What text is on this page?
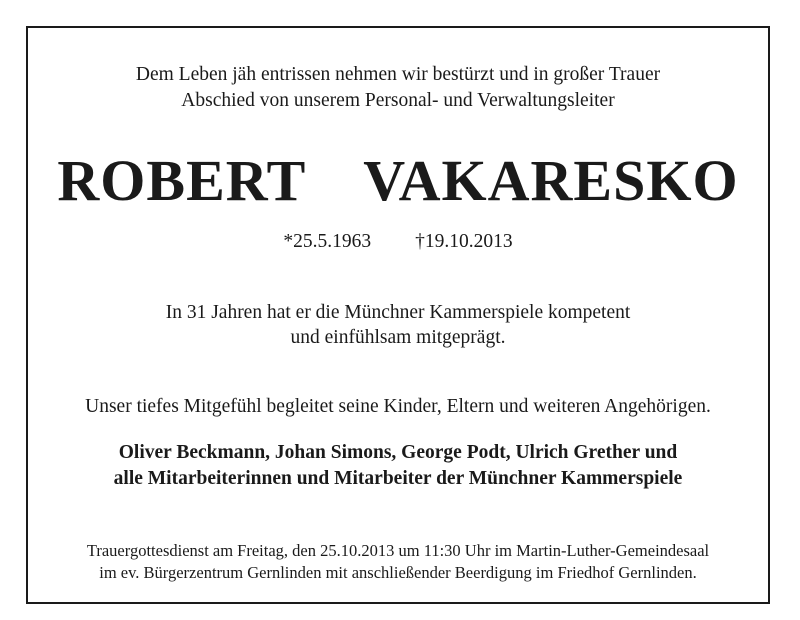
Dem Leben jäh entrissen nehmen wir bestürzt und in großer Trauer
Abschied von unserem Personal- und Verwaltungsleiter
ROBERT  VAKARESKO
*25.5.1963 †19.10.2013
In 31 Jahren hat er die Münchner Kammerspiele kompetent
und einfühlsam mitgeprägt.
Unser tiefes Mitgefühl begleitet seine Kinder, Eltern und weiteren Angehörigen.
Oliver Beckmann, Johan Simons, George Podt, Ulrich Grether und
alle Mitarbeiterinnen und Mitarbeiter der Münchner Kammerspiele
Trauergottesdienst am Freitag, den 25.10.2013 um 11:30 Uhr im Martin-Luther-Gemeindesaal
im ev. Bürgerzentrum Gernlinden mit anschließender Beerdigung im Friedhof Gernlinden.
